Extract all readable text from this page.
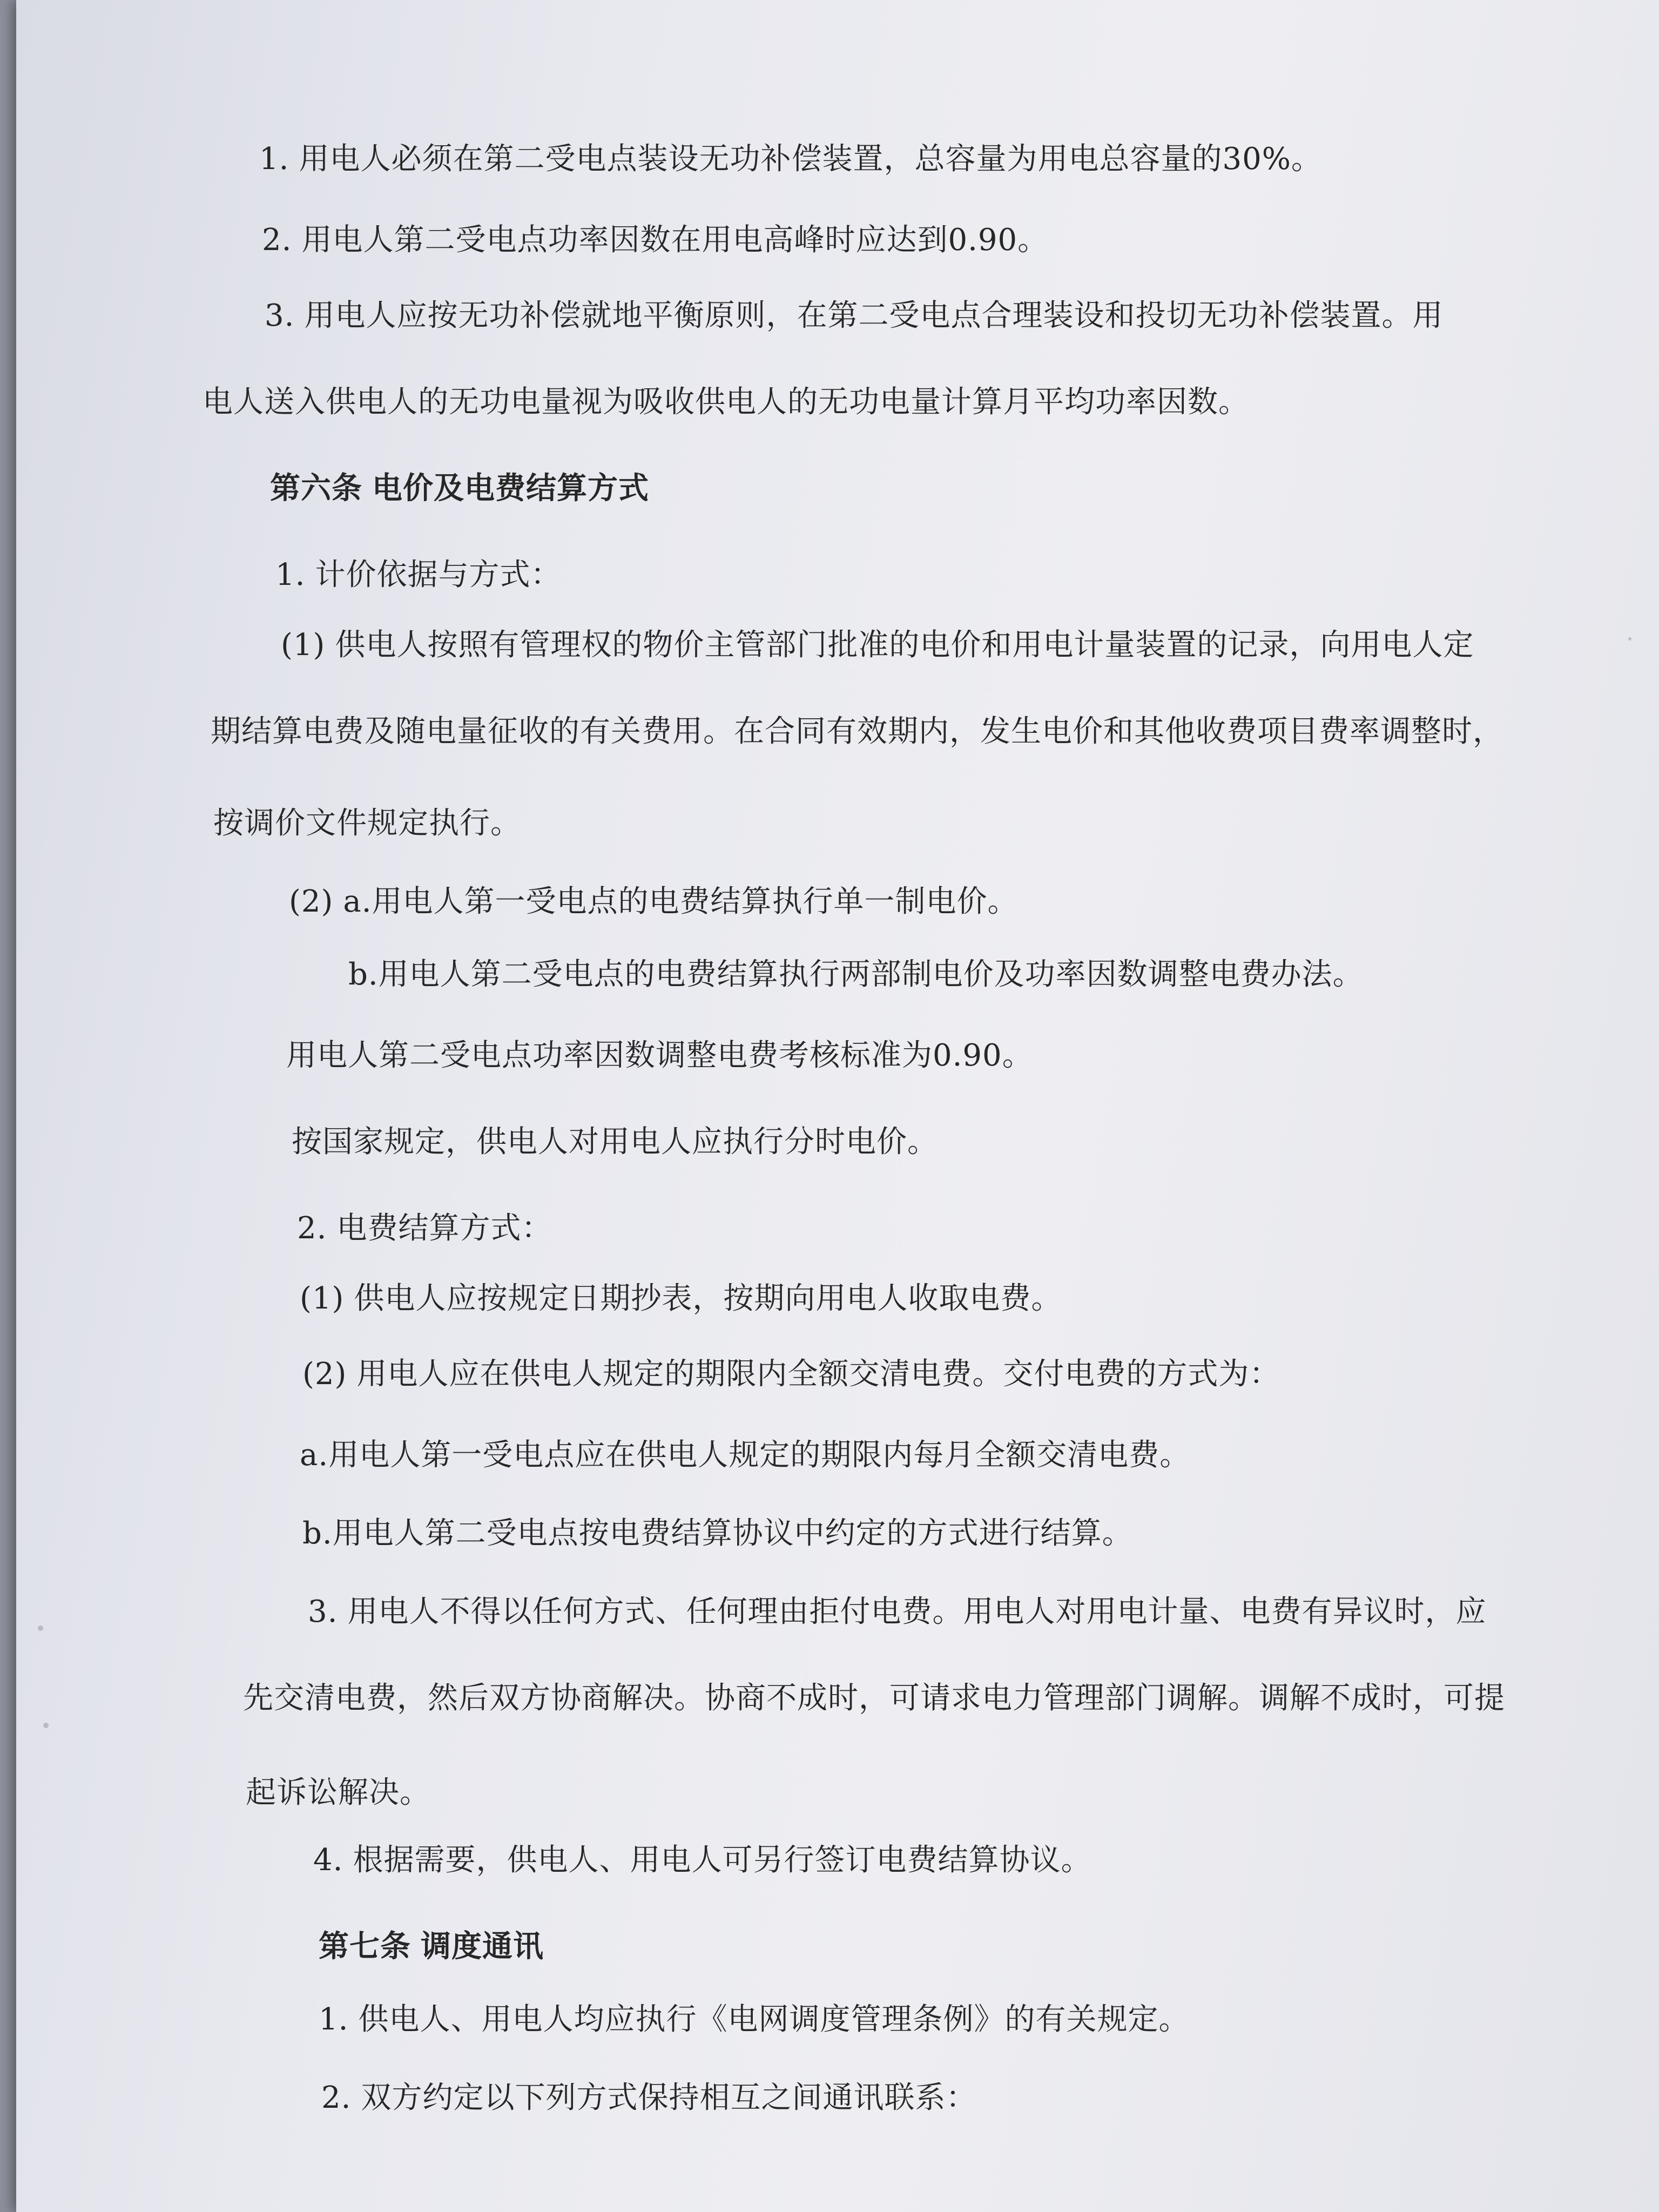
1. 用电人必须在第二受电点装设无功补偿装置，总容量为用电总容量的30%。
2. 用电人第二受电点功率因数在用电高峰时应达到0.90。
3. 用电人应按无功补偿就地平衡原则，在第二受电点合理装设和投切无功补偿装置。用
电人送入供电人的无功电量视为吸收供电人的无功电量计算月平均功率因数。
第六条 电价及电费结算方式
1. 计价依据与方式：
(1) 供电人按照有管理权的物价主管部门批准的电价和用电计量装置的记录，向用电人定
期结算电费及随电量征收的有关费用。在合同有效期内，发生电价和其他收费项目费率调整时，
按调价文件规定执行。
(2) a.用电人第一受电点的电费结算执行单一制电价。
b.用电人第二受电点的电费结算执行两部制电价及功率因数调整电费办法。
用电人第二受电点功率因数调整电费考核标准为0.90。
按国家规定，供电人对用电人应执行分时电价。
2. 电费结算方式：
(1) 供电人应按规定日期抄表，按期向用电人收取电费。
(2) 用电人应在供电人规定的期限内全额交清电费。交付电费的方式为：
a.用电人第一受电点应在供电人规定的期限内每月全额交清电费。
b.用电人第二受电点按电费结算协议中约定的方式进行结算。
3. 用电人不得以任何方式、任何理由拒付电费。用电人对用电计量、电费有异议时，应
先交清电费，然后双方协商解决。协商不成时，可请求电力管理部门调解。调解不成时，可提
起诉讼解决。
4. 根据需要，供电人、用电人可另行签订电费结算协议。
第七条 调度通讯
1. 供电人、用电人均应执行《电网调度管理条例》的有关规定。
2. 双方约定以下列方式保持相互之间通讯联系：
